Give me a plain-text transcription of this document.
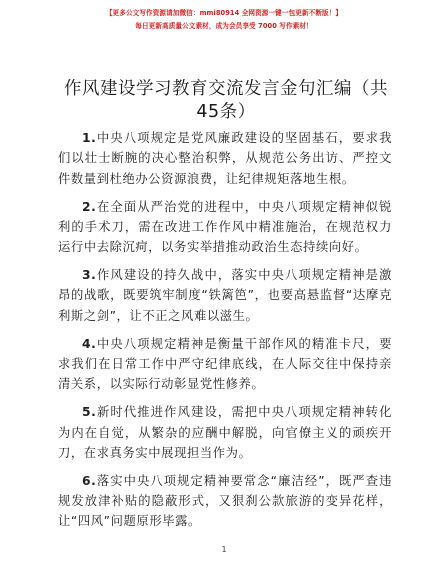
【更多公文写作资源请加微信：mmi80914 全网资源一键一包更新不断版！】
每日更新高质量公文素材，成为会员享受 7000 写作素材！
作风建设学习教育交流发言金句汇编（共45条）

1.中央八项规定是党风廉政建设的坚固基石，要求我们以壮士断腕的决心整治积弊，从规范公务出访、严控文件数量到杜绝办公资源浪费，让纪律规矩落地生根。

2.在全面从严治党的进程中，中央八项规定精神似锐利的手术刀，需在改进工作作风中精准施治，在规范权力运行中去除沉疴，以务实举措推动政治生态持续向好。

3.作风建设的持久战中，落实中央八项规定精神是激昂的战歌，既要筑牢制度“铁篱笆”，也要高悬监督“达摩克利斯之剑”，让不正之风难以滋生。

4.中央八项规定精神是衡量干部作风的精准卡尺，要求我们在日常工作中严守纪律底线，在人际交往中保持亲清关系，以实际行动彰显党性修养。

5.新时代推进作风建设，需把中央八项规定精神转化为内在自觉，从繁杂的应酬中解脱，向官僚主义的顽疾开刀，在求真务实中展现担当作为。

6.落实中央八项规定精神要常念“廉洁经”，既严查违规发放津补贴的隐蔽形式，又狠刹公款旅游的变异花样，让“四风”问题原形毕露。

1
